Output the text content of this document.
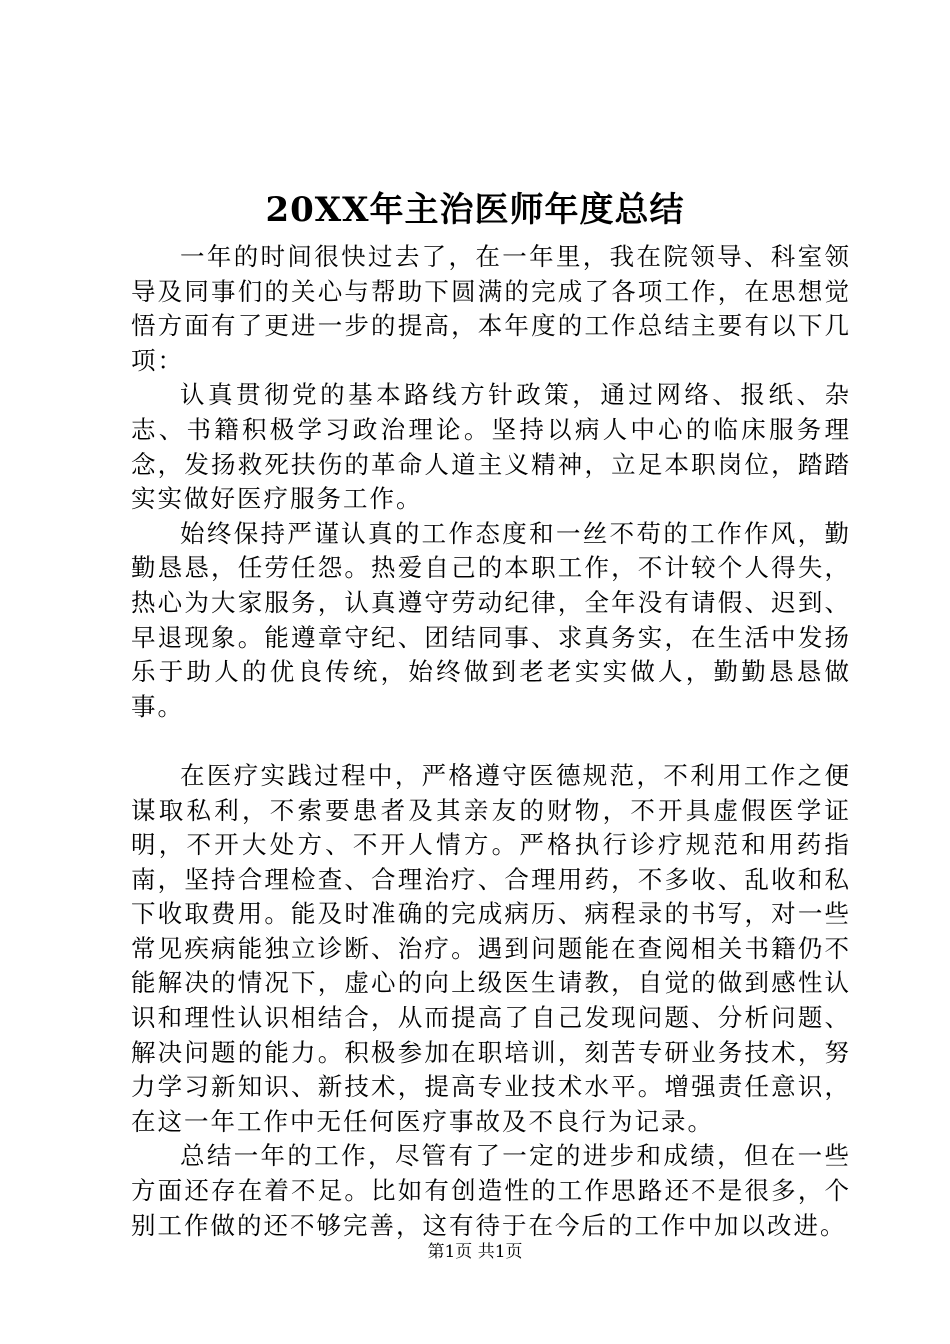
20XX年主治医师年度总结

一年的时间很快过去了，在一年里，我在院领导、科室领导及同事们的关心与帮助下圆满的完成了各项工作，在思想觉悟方面有了更进一步的提高，本年度的工作总结主要有以下几项：

认真贯彻党的基本路线方针政策，通过网络、报纸、杂志、书籍积极学习政治理论。坚持以病人中心的临床服务理念，发扬救死扶伤的革命人道主义精神，立足本职岗位，踏踏实实做好医疗服务工作。

始终保持严谨认真的工作态度和一丝不苟的工作作风，勤勤恳恳，任劳任怨。热爱自己的本职工作，不计较个人得失，热心为大家服务，认真遵守劳动纪律，全年没有请假、迟到、早退现象。能遵章守纪、团结同事、求真务实，在生活中发扬乐于助人的优良传统，始终做到老老实实做人，勤勤恳恳做事。

在医疗实践过程中，严格遵守医德规范，不利用工作之便谋取私利，不索要患者及其亲友的财物，不开具虚假医学证明，不开大处方、不开人情方。严格执行诊疗规范和用药指南，坚持合理检查、合理治疗、合理用药，不多收、乱收和私下收取费用。能及时准确的完成病历、病程录的书写，对一些常见疾病能独立诊断、治疗。遇到问题能在查阅相关书籍仍不能解决的情况下，虚心的向上级医生请教，自觉的做到感性认识和理性认识相结合，从而提高了自己发现问题、分析问题、解决问题的能力。积极参加在职培训，刻苦专研业务技术，努力学习新知识、新技术，提高专业技术水平。增强责任意识，在这一年工作中无任何医疗事故及不良行为记录。

总结一年的工作，尽管有了一定的进步和成绩，但在一些方面还存在着不足。比如有创造性的工作思路还不是很多，个别工作做的还不够完善，这有待于在今后的工作中加以改进。

第1页 共1页
